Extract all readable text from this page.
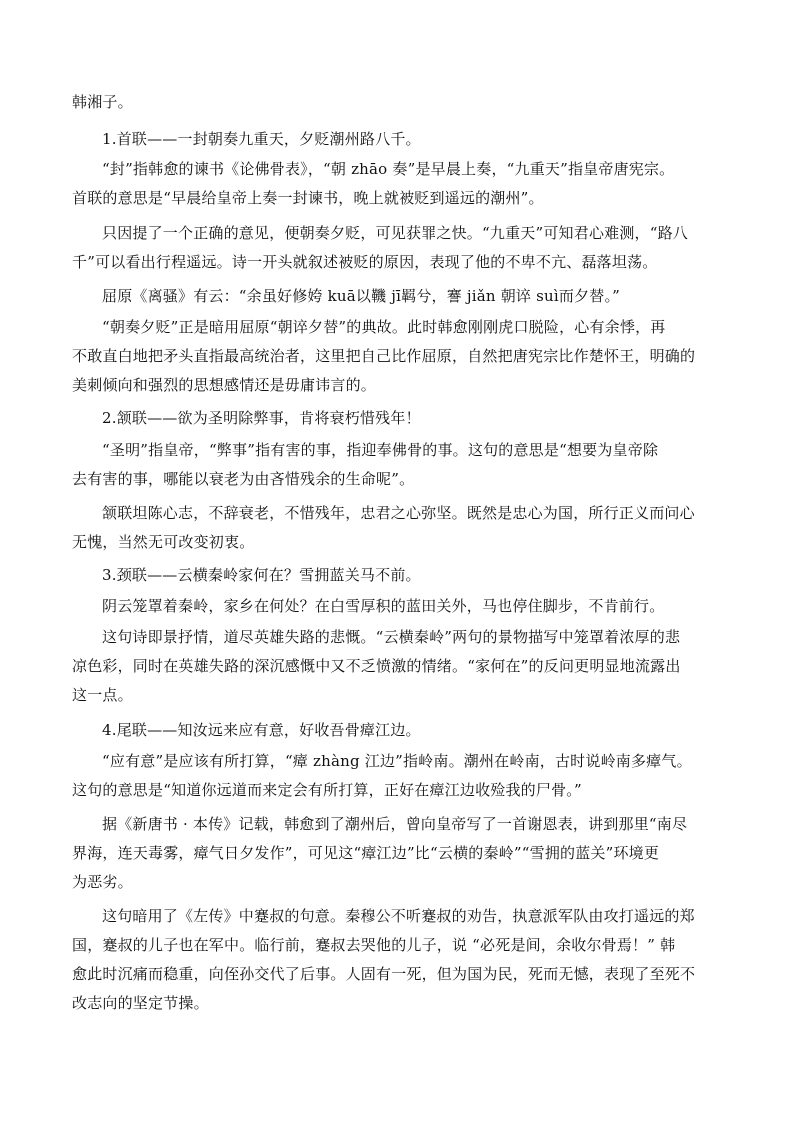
韩湘子。

1.首联——一封朝奏九重天，夕贬潮州路八千。

“封”指韩愈的谏书《论佛骨表》，“朝 zhāo 奏”是早晨上奏，“九重天”指皇帝唐宪宗。
首联的意思是“早晨给皇帝上奏一封谏书，晚上就被贬到遥远的潮州”。

只因提了一个正确的意见，便朝奏夕贬，可见获罪之快。“九重天”可知君心难测，“路八
千”可以看出行程遥远。诗一开头就叙述被贬的原因，表现了他的不卑不亢、磊落坦荡。

屈原《离骚》有云：“余虽好修姱 kuā以鞿 jī羁兮，謇 jiǎn 朝谇 suì而夕替。”

“朝奏夕贬”正是暗用屈原“朝谇夕替”的典故。此时韩愈刚刚虎口脱险，心有余悸，再
不敢直白地把矛头直指最高统治者，这里把自己比作屈原，自然把唐宪宗比作楚怀王，明确的
美刺倾向和强烈的思想感情还是毋庸讳言的。

2.颔联——欲为圣明除弊事，肯将衰朽惜残年！

“圣明”指皇帝，“弊事”指有害的事，指迎奉佛骨的事。这句的意思是“想要为皇帝除
去有害的事，哪能以衰老为由吝惜残余的生命呢”。

颔联坦陈心志，不辞衰老，不惜残年，忠君之心弥坚。既然是忠心为国，所行正义而问心
无愧，当然无可改变初衷。

3.颈联——云横秦岭家何在？雪拥蓝关马不前。

阴云笼罩着秦岭，家乡在何处？在白雪厚积的蓝田关外，马也停住脚步，不肯前行。

这句诗即景抒情，道尽英雄失路的悲慨。“云横秦岭”两句的景物描写中笼罩着浓厚的悲
凉色彩，同时在英雄失路的深沉感慨中又不乏愤激的情绪。“家何在”的反问更明显地流露出
这一点。

4.尾联——知汝远来应有意，好收吾骨瘴江边。

“应有意”是应该有所打算，“瘴 zhàng 江边”指岭南。潮州在岭南，古时说岭南多瘴气。
这句的意思是“知道你远道而来定会有所打算，正好在瘴江边收殓我的尸骨。”

据《新唐书 · 本传》记载，韩愈到了潮州后，曾向皇帝写了一首谢恩表，讲到那里“南尽
界海，连天毒雾，瘴气日夕发作”，可见这“瘴江边”比“云横的秦岭”“雪拥的蓝关”环境更
为恶劣。

这句暗用了《左传》中蹇叔的句意。秦穆公不听蹇叔的劝告，执意派军队由攻打遥远的郑
国，蹇叔的儿子也在军中。临行前，蹇叔去哭他的儿子，说 “必死是间，余收尔骨焉！” 韩
愈此时沉痛而稳重，向侄孙交代了后事。人固有一死，但为国为民，死而无憾，表现了至死不
改志向的坚定节操。
